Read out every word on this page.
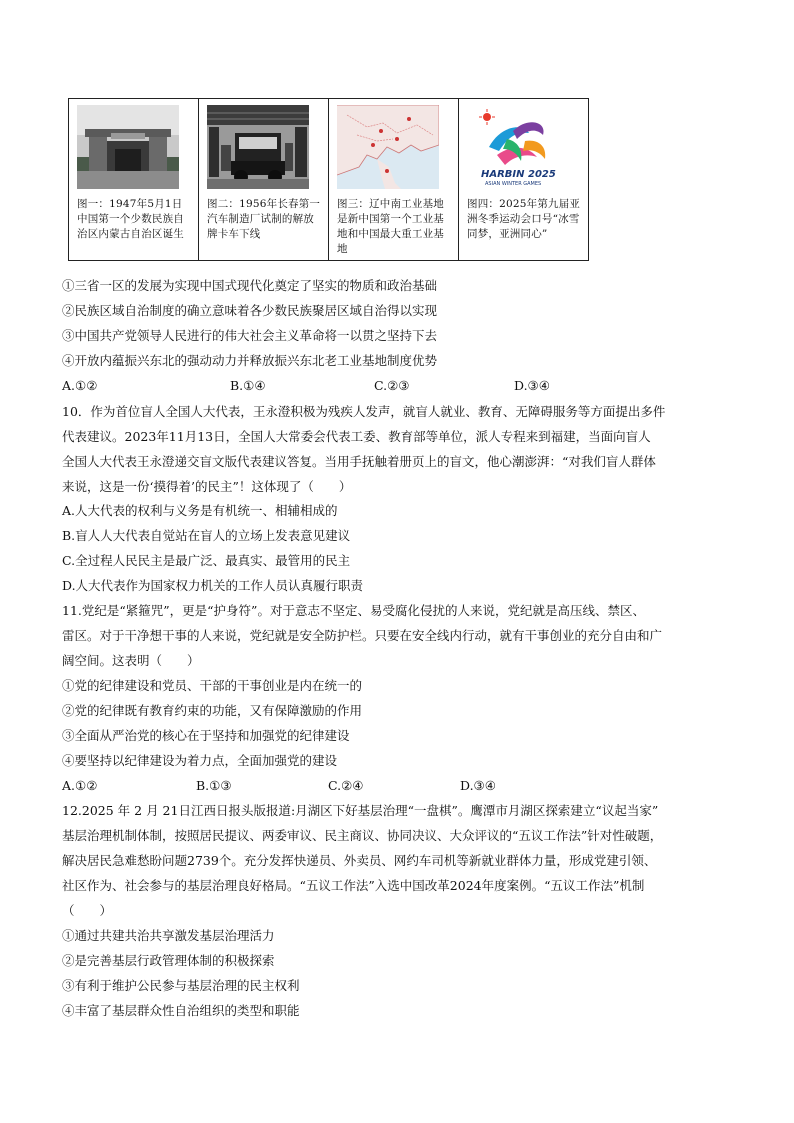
图一：1947年5月1日中国第一个少数民族自治区内蒙古自治区诞生
图二：1956年长春第一汽车制造厂试制的解放牌卡车下线
图三：辽中南工业基地是新中国第一个工业基地和中国最大重工业基地
HARBIN 2025
ASIAN WINTER GAMES
图四：2025年第九届亚洲冬季运动会口号“冰雪同梦，亚洲同心”
①三省一区的发展为实现中国式现代化奠定了坚实的物质和政治基础
②民族区域自治制度的确立意味着各少数民族聚居区域自治得以实现
③中国共产党领导人民进行的伟大社会主义革命将一以贯之坚持下去
④开放内蕴振兴东北的强动动力并释放振兴东北老工业基地制度优势
A.①②	B.①④	C.②③	D.③④
10．作为首位盲人全国人大代表，王永澄积极为残疾人发声，就盲人就业、教育、无障碍服务等方面提出多件
代表建议。2023年11月13日，全国人大常委会代表工委、教育部等单位，派人专程来到福建，当面向盲人
全国人大代表王永澄递交盲文版代表建议答复。当用手抚触着册页上的盲文，他心潮澎湃：“对我们盲人群体
来说，这是一份‘摸得着’的民主”！这体现了（　　）
A.人大代表的权利与义务是有机统一、相辅相成的
B.盲人人大代表自觉站在盲人的立场上发表意见建议
C.全过程人民民主是最广泛、最真实、最管用的民主
D.人大代表作为国家权力机关的工作人员认真履行职责
11.党纪是“紧箍咒”，更是“护身符”。对于意志不坚定、易受腐化侵扰的人来说，党纪就是高压线、禁区、
雷区。对于干净想干事的人来说，党纪就是安全防护栏。只要在安全线内行动，就有干事创业的充分自由和广
阔空间。这表明（　　）
①党的纪律建设和党员、干部的干事创业是内在统一的
②党的纪律既有教育约束的功能，又有保障激励的作用
③全面从严治党的核心在于坚持和加强党的纪律建设
④要坚持以纪律建设为着力点，全面加强党的建设
A.①②	B.①③	C.②④	D.③④
12.2025 年 2 月 21日江西日报头版报道:月湖区下好基层治理“一盘棋”。鹰潭市月湖区探索建立“议起当家”
基层治理机制体制，按照居民提议、两委审议、民主商议、协同决议、大众评议的“五议工作法”针对性破题，
解决居民急难愁盼问题2739个。充分发挥快递员、外卖员、网约车司机等新就业群体力量，形成党建引领、
社区作为、社会参与的基层治理良好格局。“五议工作法”入选中国改革2024年度案例。“五议工作法”机制
（　　）
①通过共建共治共享激发基层治理活力
②是完善基层行政管理体制的积极探索
③有利于维护公民参与基层治理的民主权利
④丰富了基层群众性自治组织的类型和职能
